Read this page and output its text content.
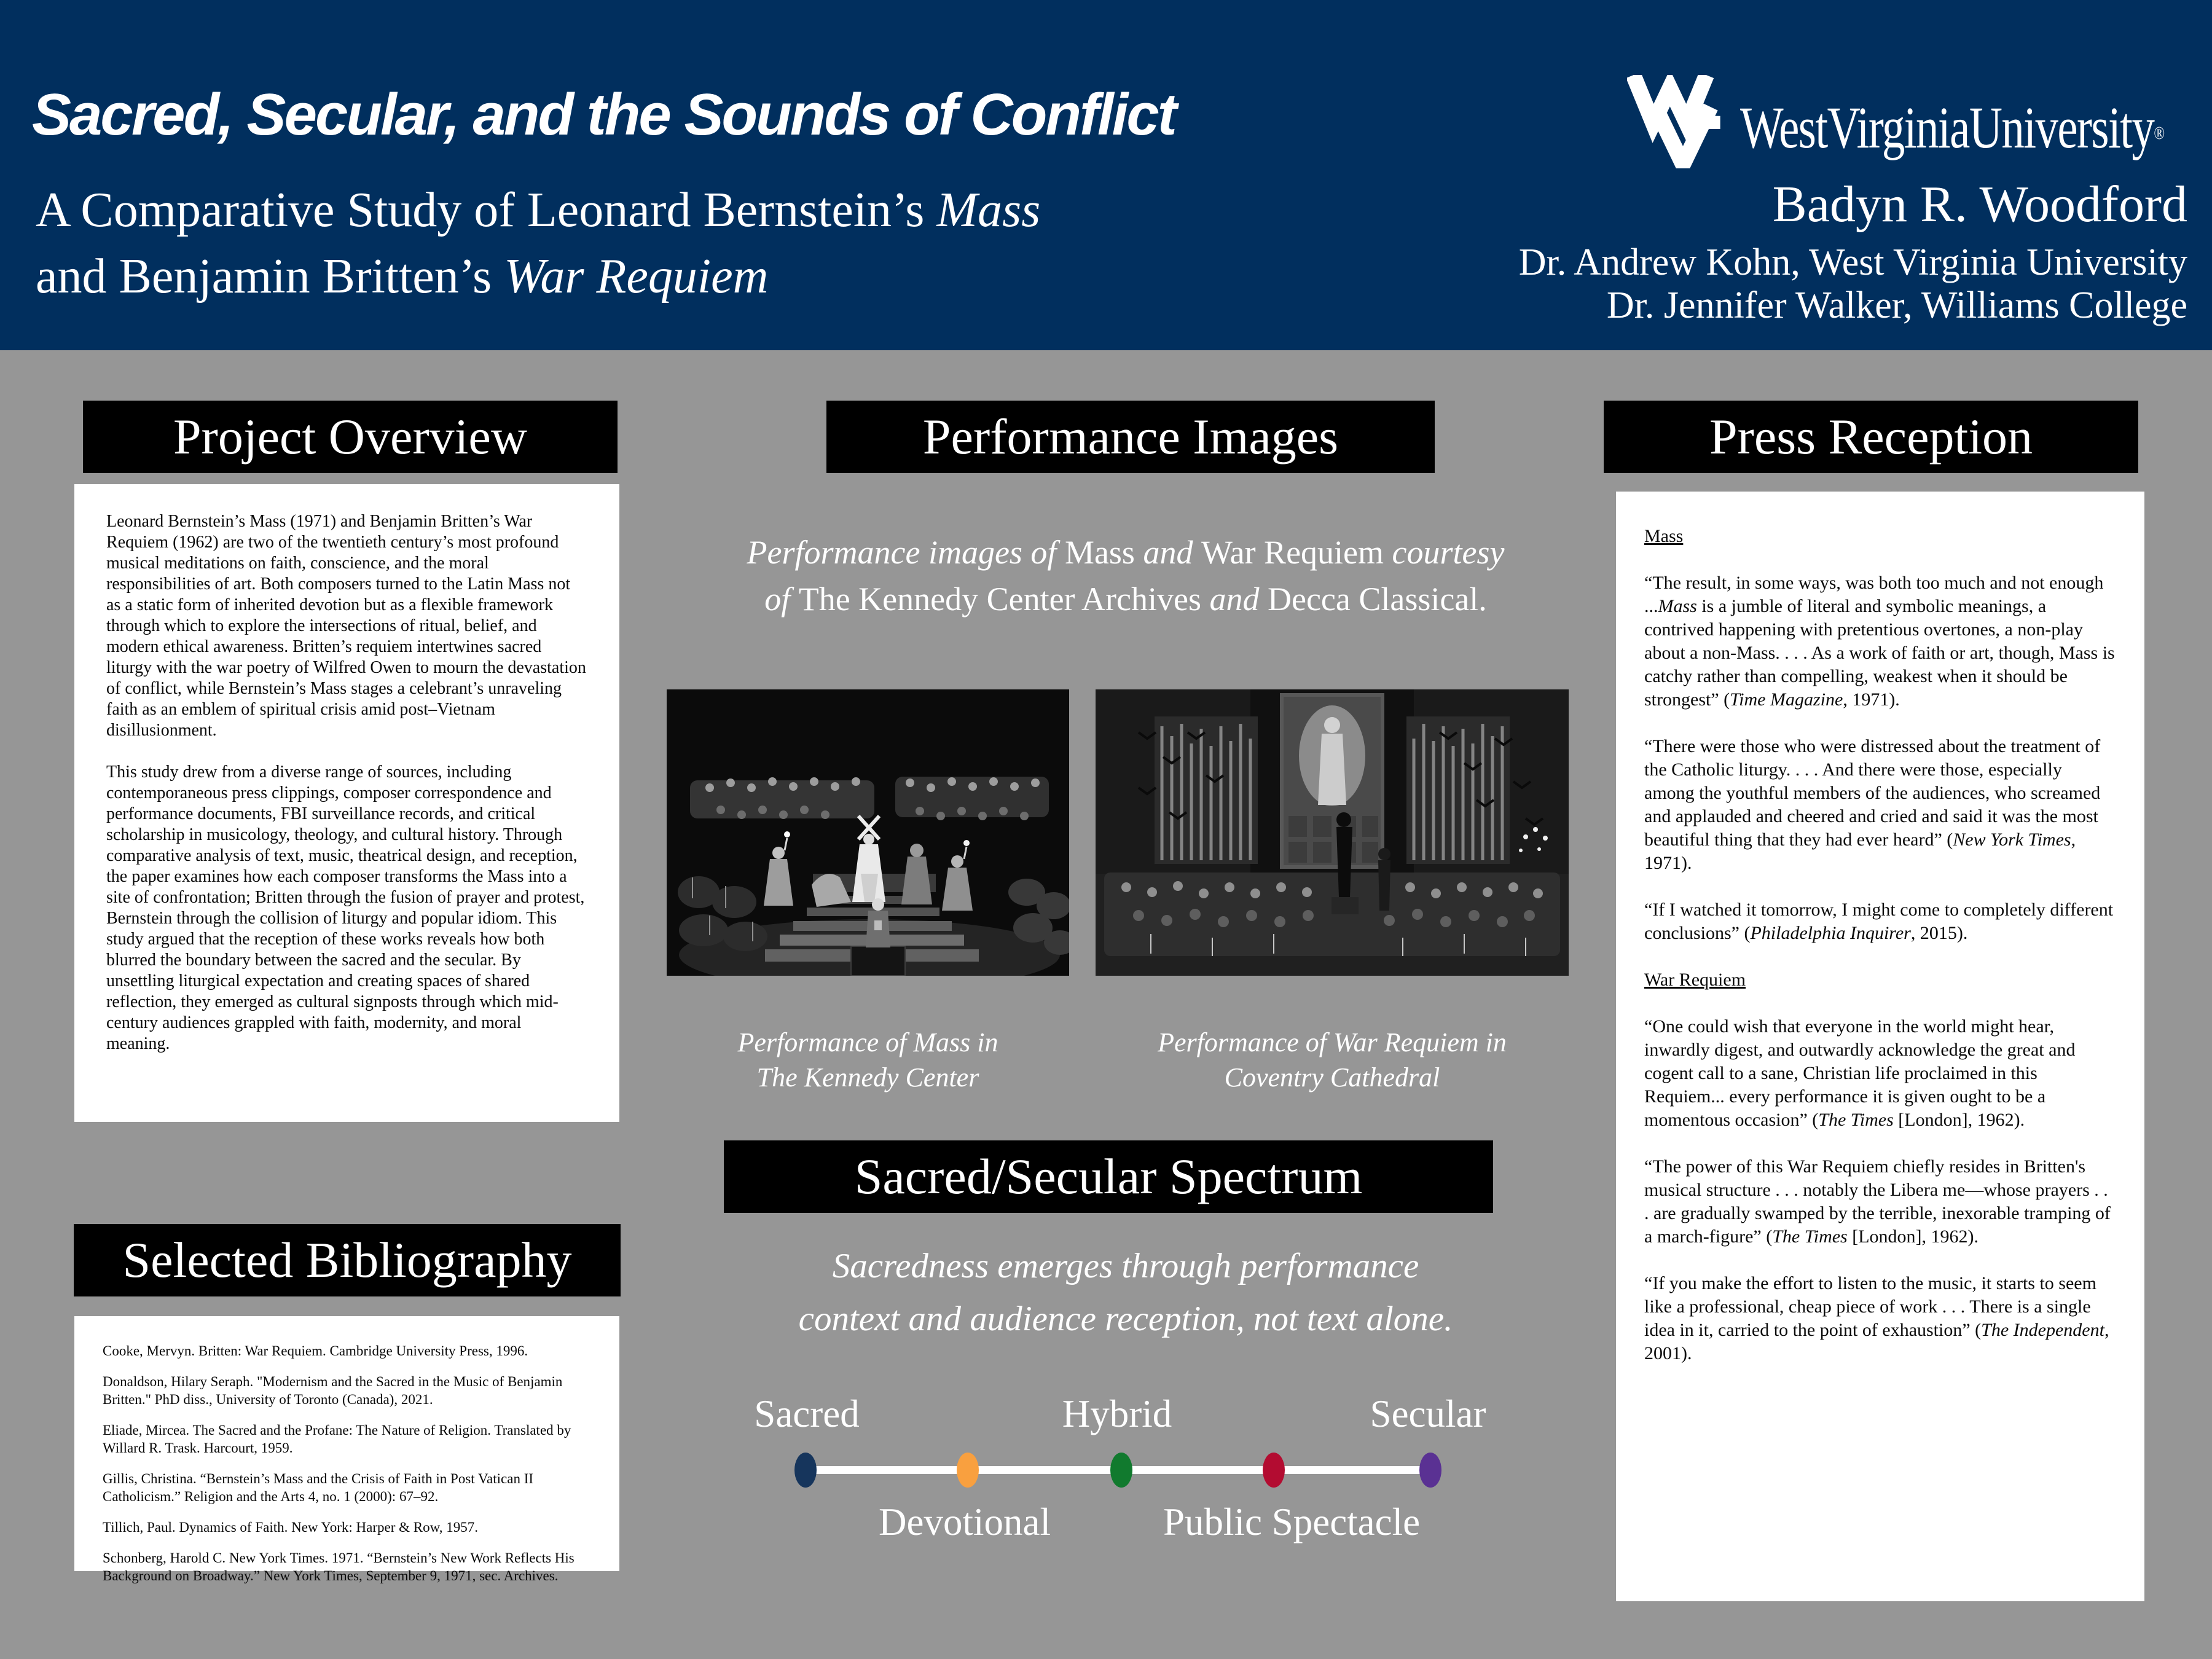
Sacred, Secular, and the Sounds of Conflict
A Comparative Study of Leonard Bernstein’s Mass
and Benjamin Britten’s War Requiem
WestVirginiaUniversity®
Badyn R. Woodford
Dr. Andrew Kohn, West Virginia University
Dr. Jennifer Walker, Williams College
Project Overview

Leonard Bernstein’s Mass (1971) and Benjamin Britten’s War Requiem (1962) are two of the twentieth century’s most profound musical meditations on faith, conscience, and the moral responsibilities of art. Both composers turned to the Latin Mass not as a static form of inherited devotion but as a flexible framework through which to explore the intersections of ritual, belief, and modern ethical awareness. Britten’s requiem intertwines sacred liturgy with the war poetry of Wilfred Owen to mourn the devastation of conflict, while Bernstein’s Mass stages a celebrant’s unraveling faith as an emblem of spiritual crisis amid post–Vietnam disillusionment.

This study drew from a diverse range of sources, including contemporaneous press clippings, composer correspondence and performance documents, FBI surveillance records, and critical scholarship in musicology, theology, and cultural history. Through comparative analysis of text, music, theatrical design, and reception, the paper examines how each composer transforms the Mass into a site of confrontation; Britten through the fusion of prayer and protest, Bernstein through the collision of liturgy and popular idiom. This study argued that the reception of these works reveals how both blurred the boundary between the sacred and the secular. By unsettling liturgical expectation and creating spaces of shared reflection, they emerged as cultural signposts through which mid-century audiences grappled with faith, modernity, and moral meaning.

Selected Bibliography
Cooke, Mervyn. Britten: War Requiem. Cambridge University Press, 1996.
Donaldson, Hilary Seraph. "Modernism and the Sacred in the Music of Benjamin Britten." PhD diss., University of Toronto (Canada), 2021.
Eliade, Mircea. The Sacred and the Profane: The Nature of Religion. Translated by Willard R. Trask. Harcourt, 1959.
Gillis, Christina. “Bernstein’s Mass and the Crisis of Faith in Post Vatican II Catholicism.” Religion and the Arts 4, no. 1 (2000): 67–92.
Tillich, Paul. Dynamics of Faith. New York: Harper & Row, 1957.
Schonberg, Harold C. New York Times. 1971. “Bernstein’s New Work Reflects His Background on Broadway.” New York Times, September 9, 1971, sec. Archives.
Performance Images
Performance images of Mass and War Requiem courtesy
of The Kennedy Center Archives and Decca Classical.
Performance of Mass in
The Kennedy Center
Performance of War Requiem in
Coventry Cathedral
Sacred/Secular Spectrum
Sacredness emerges through performance
context and audience reception, not text alone.
Sacred	Hybrid	Secular
Devotional	Public Spectacle
Press Reception

Mass

“The result, in some ways, was both too much and not enough ...Mass is a jumble of literal and symbolic meanings, a contrived happening with pretentious overtones, a non-play about a non-Mass. . . . As a work of faith or art, though, Mass is catchy rather than compelling, weakest when it should be strongest” (Time Magazine, 1971).

“There were those who were distressed about the treatment of the Catholic liturgy. . . . And there were those, especially among the youthful members of the audiences, who screamed and applauded and cheered and cried and said it was the most beautiful thing that they had ever heard” (New York Times, 1971).

“If I watched it tomorrow, I might come to completely different conclusions” (Philadelphia Inquirer, 2015).

War Requiem

“One could wish that everyone in the world might hear, inwardly digest, and outwardly acknowledge the great and cogent call to a sane, Christian life proclaimed in this Requiem... every performance it is given ought to be a momentous occasion” (The Times [London], 1962).

“The power of this War Requiem chiefly resides in Britten's musical structure . . . notably the Libera me—whose prayers . . . are gradually swamped by the terrible, inexorable tramping of a march-figure” (The Times [London], 1962).

“If you make the effort to listen to the music, it starts to seem like a professional, cheap piece of work . . . There is a single idea in it, carried to the point of exhaustion” (The Independent, 2001).
